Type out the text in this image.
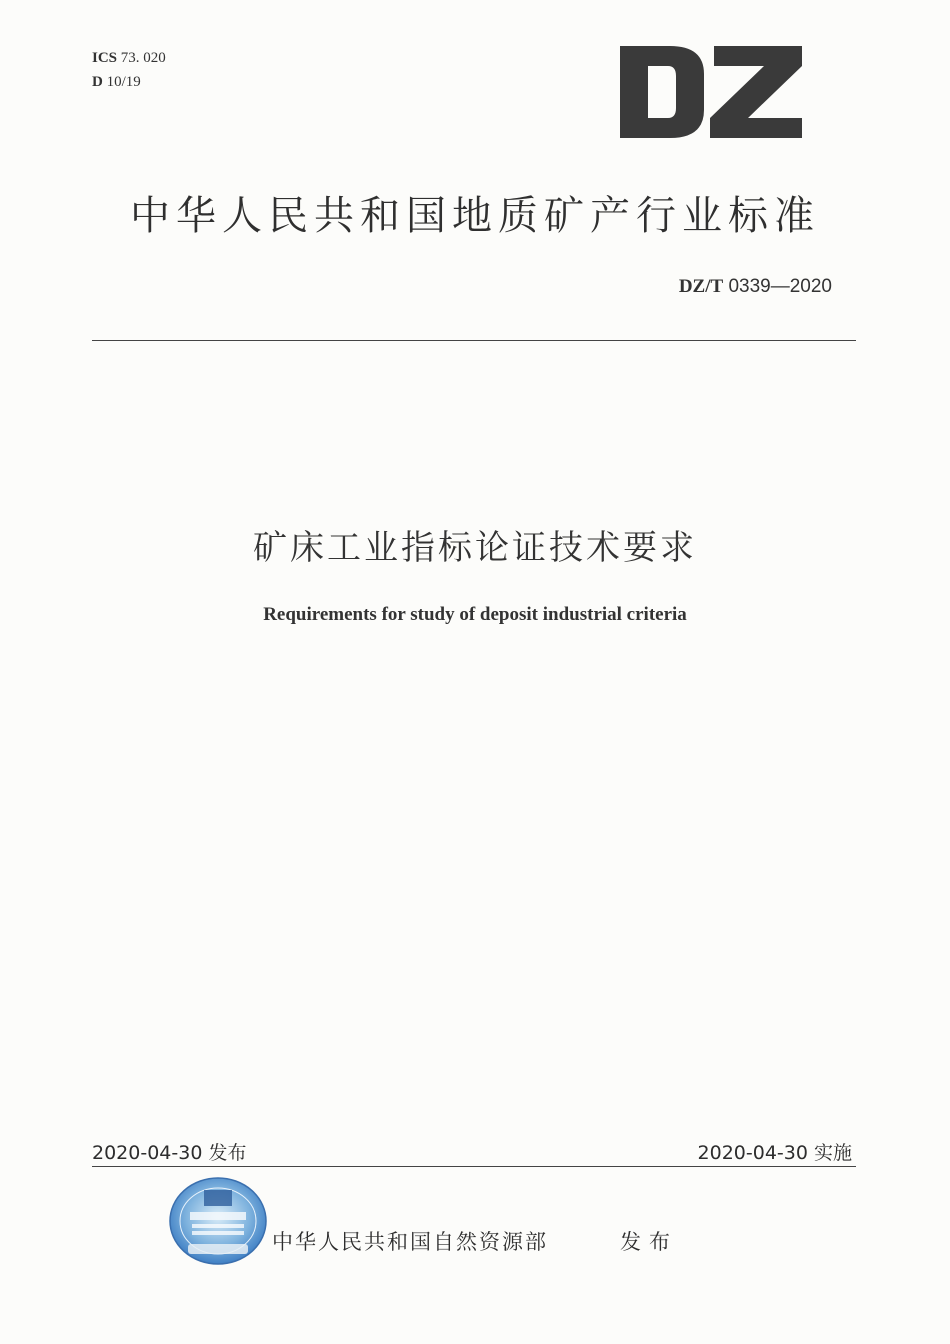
ICS 73. 020
D 10/19
中华人民共和国地质矿产行业标准
DZ/T 0339—2020
矿床工业指标论证技术要求
Requirements for study of deposit industrial criteria
2020-04-30 发布	2020-04-30 实施
中华人民共和国自然资源部	发布
